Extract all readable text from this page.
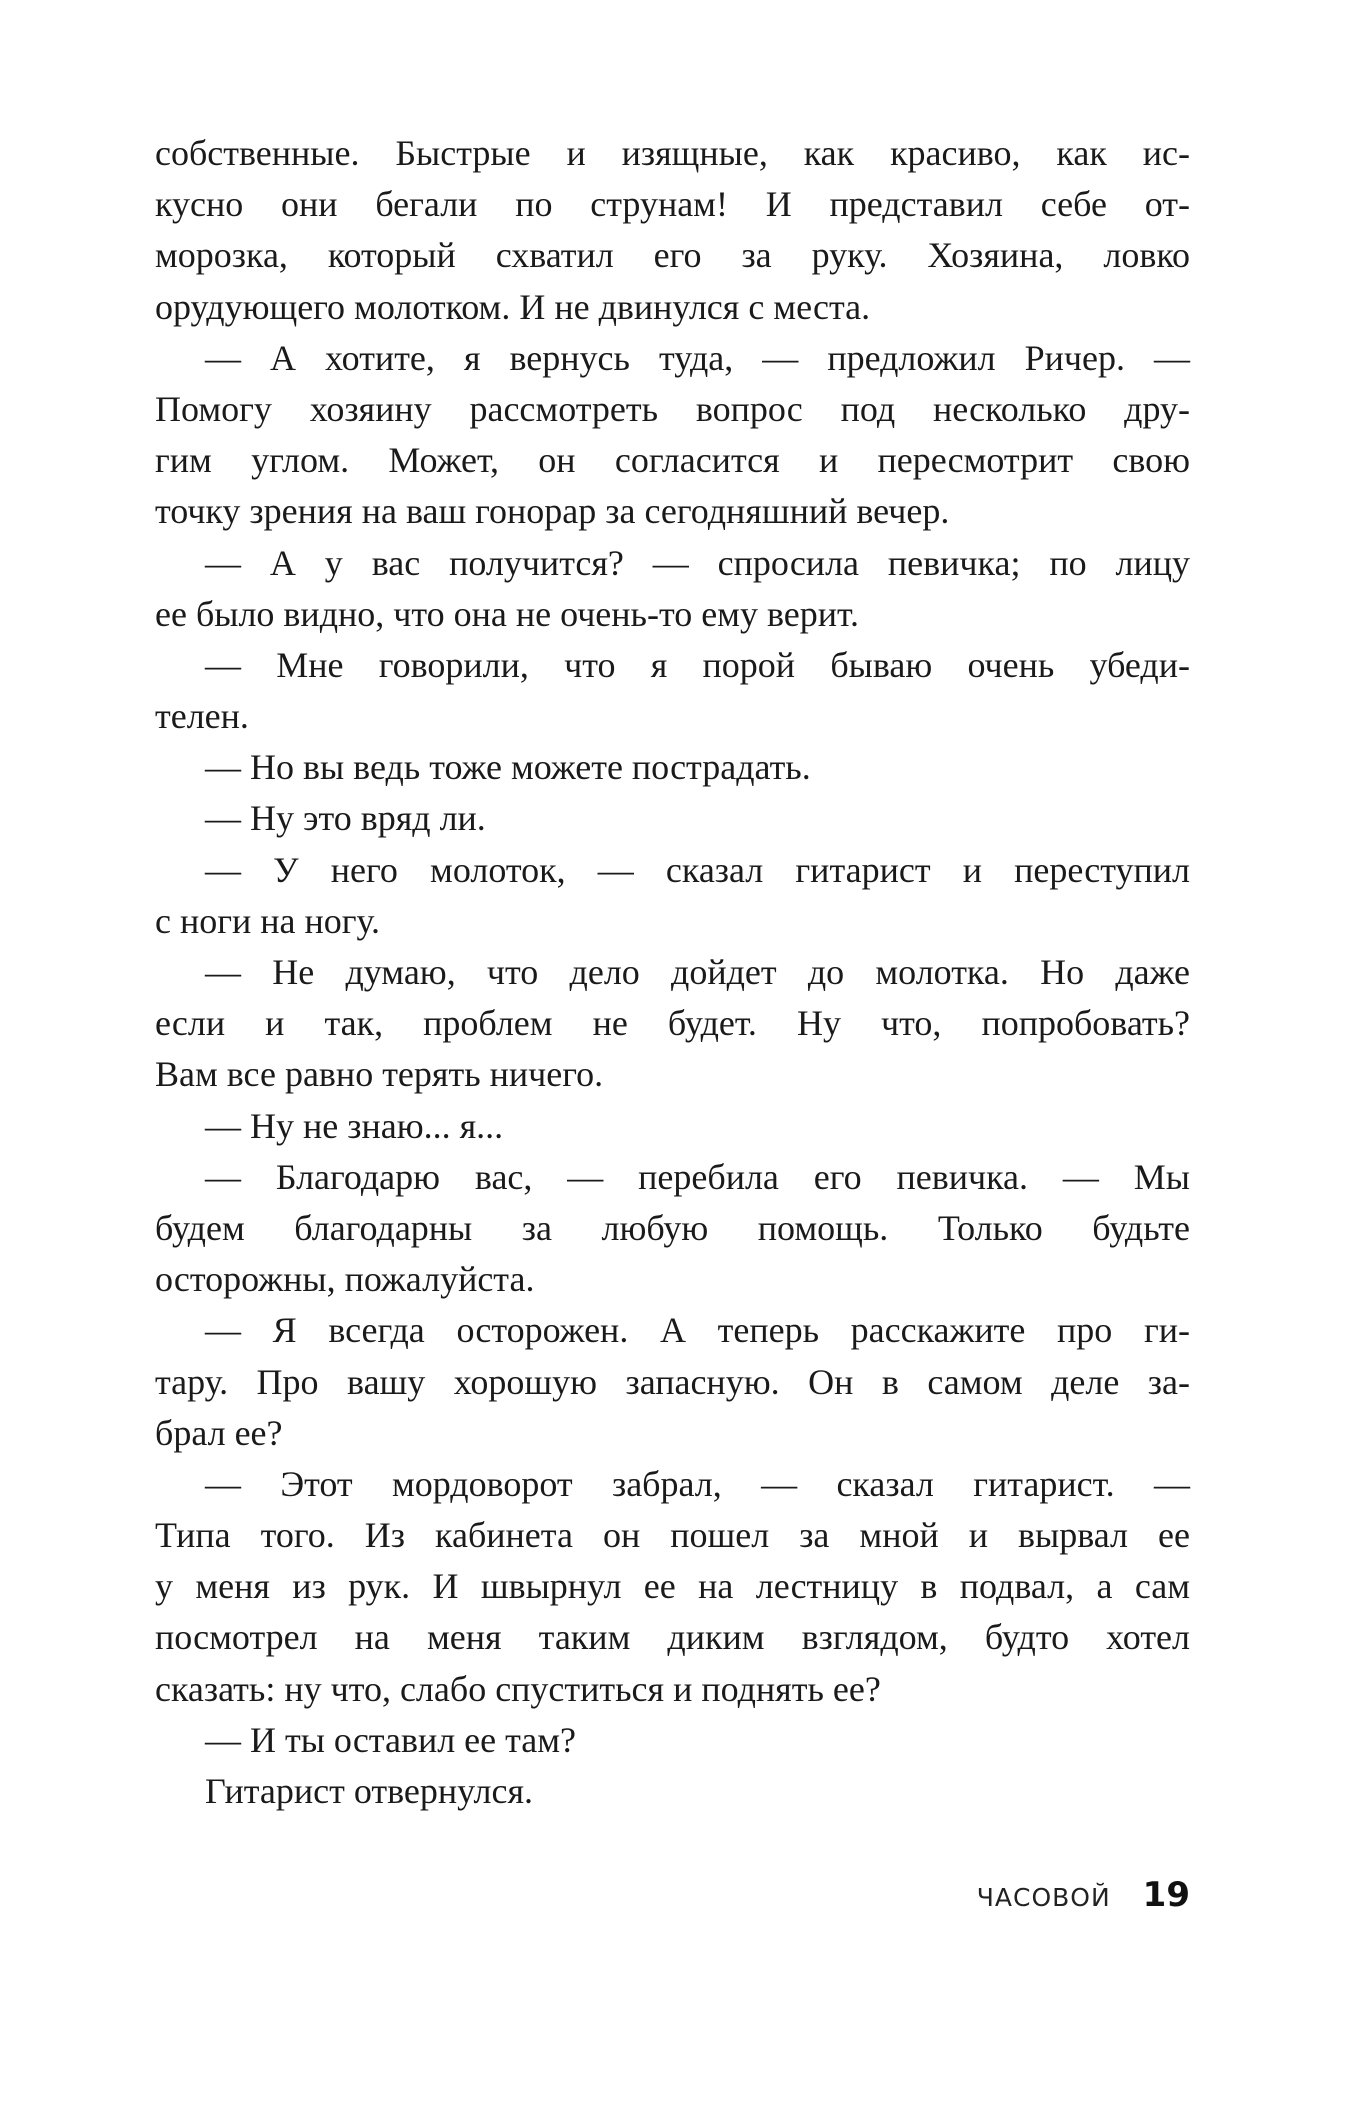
собственные. Быстрые и изящные, как красиво, как ис-
кусно они бегали по струнам! И представил себе от-
морозка, который схватил его за руку. Хозяина, ловко
орудующего молотком. И не двинулся с места.
— А хотите, я вернусь туда, — предложил Ричер. —
Помогу хозяину рассмотреть вопрос под несколько дру-
гим углом. Может, он согласится и пересмотрит свою
точку зрения на ваш гонорар за сегодняшний вечер.
— А у вас получится? — спросила певичка; по лицу
ее было видно, что она не очень-то ему верит.
— Мне говорили, что я порой бываю очень убеди-
телен.
— Но вы ведь тоже можете пострадать.
— Ну это вряд ли.
— У него молоток, — сказал гитарист и переступил
с ноги на ногу.
— Не думаю, что дело дойдет до молотка. Но даже
если и так, проблем не будет. Ну что, попробовать?
Вам все равно терять ничего.
— Ну не знаю... я...
— Благодарю вас, — перебила его певичка. — Мы
будем благодарны за любую помощь. Только будьте
осторожны, пожалуйста.
— Я всегда осторожен. А теперь расскажите про ги-
тару. Про вашу хорошую запасную. Он в самом деле за-
брал ее?
— Этот мордоворот забрал, — сказал гитарист. —
Типа того. Из кабинета он пошел за мной и вырвал ее
у меня из рук. И швырнул ее на лестницу в подвал, а сам
посмотрел на меня таким диким взглядом, будто хотел
сказать: ну что, слабо спуститься и поднять ее?
— И ты оставил ее там?
Гитарист отвернулся.
ЧАСОВОЙ 19
